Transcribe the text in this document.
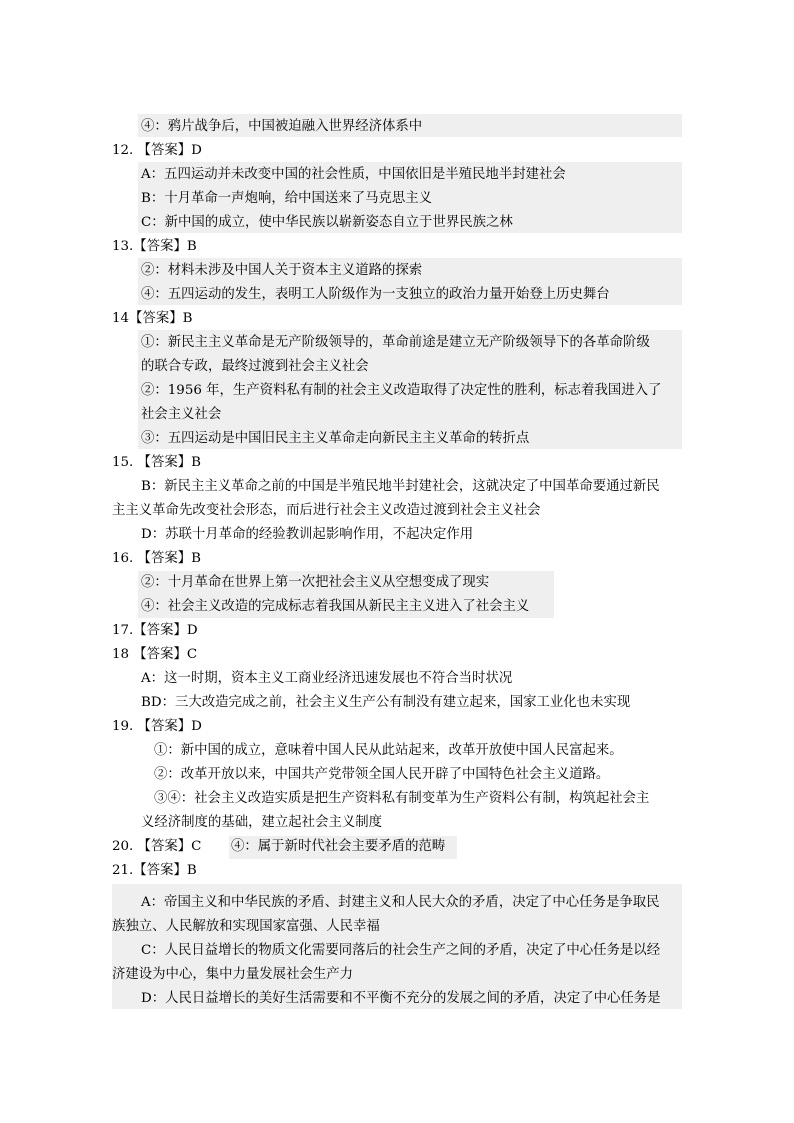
④：鸦片战争后，中国被迫融入世界经济体系中
12. 【答案】D
A：五四运动并未改变中国的社会性质，中国依旧是半殖民地半封建社会
B：十月革命一声炮响，给中国送来了马克思主义
C：新中国的成立，使中华民族以崭新姿态自立于世界民族之林
13.【答案】B
②：材料未涉及中国人关于资本主义道路的探索
④：五四运动的发生，表明工人阶级作为一支独立的政治力量开始登上历史舞台
14【答案】B
①：新民主主义革命是无产阶级领导的，革命前途是建立无产阶级领导下的各革命阶级
的联合专政，最终过渡到社会主义社会
②：1956 年，生产资料私有制的社会主义改造取得了决定性的胜利，标志着我国进入了
社会主义社会
③：五四运动是中国旧民主主义革命走向新民主主义革命的转折点
15. 【答案】B
B：新民主主义革命之前的中国是半殖民地半封建社会，这就决定了中国革命要通过新民
主主义革命先改变社会形态，而后进行社会主义改造过渡到社会主义社会
D：苏联十月革命的经验教训起影响作用，不起决定作用
16. 【答案】B
②：十月革命在世界上第一次把社会主义从空想变成了现实
④：社会主义改造的完成标志着我国从新民主主义进入了社会主义
17.【答案】D
18 【答案】C
A：这一时期，资本主义工商业经济迅速发展也不符合当时状况
BD：三大改造完成之前，社会主义生产公有制没有建立起来，国家工业化也未实现
19. 【答案】D
①：新中国的成立，意味着中国人民从此站起来，改革开放使中国人民富起来。
②：改革开放以来，中国共产党带领全国人民开辟了中国特色社会主义道路。
③④：社会主义改造实质是把生产资料私有制变革为生产资料公有制，构筑起社会主
义经济制度的基础，建立起社会主义制度
20. 【答案】C ④：属于新时代社会主要矛盾的范畴
21.【答案】B
A：帝国主义和中华民族的矛盾、封建主义和人民大众的矛盾，决定了中心任务是争取民
族独立、人民解放和实现国家富强、人民幸福
C：人民日益增长的物质文化需要同落后的社会生产之间的矛盾，决定了中心任务是以经
济建设为中心，集中力量发展社会生产力
D：人民日益增长的美好生活需要和不平衡不充分的发展之间的矛盾，决定了中心任务是
